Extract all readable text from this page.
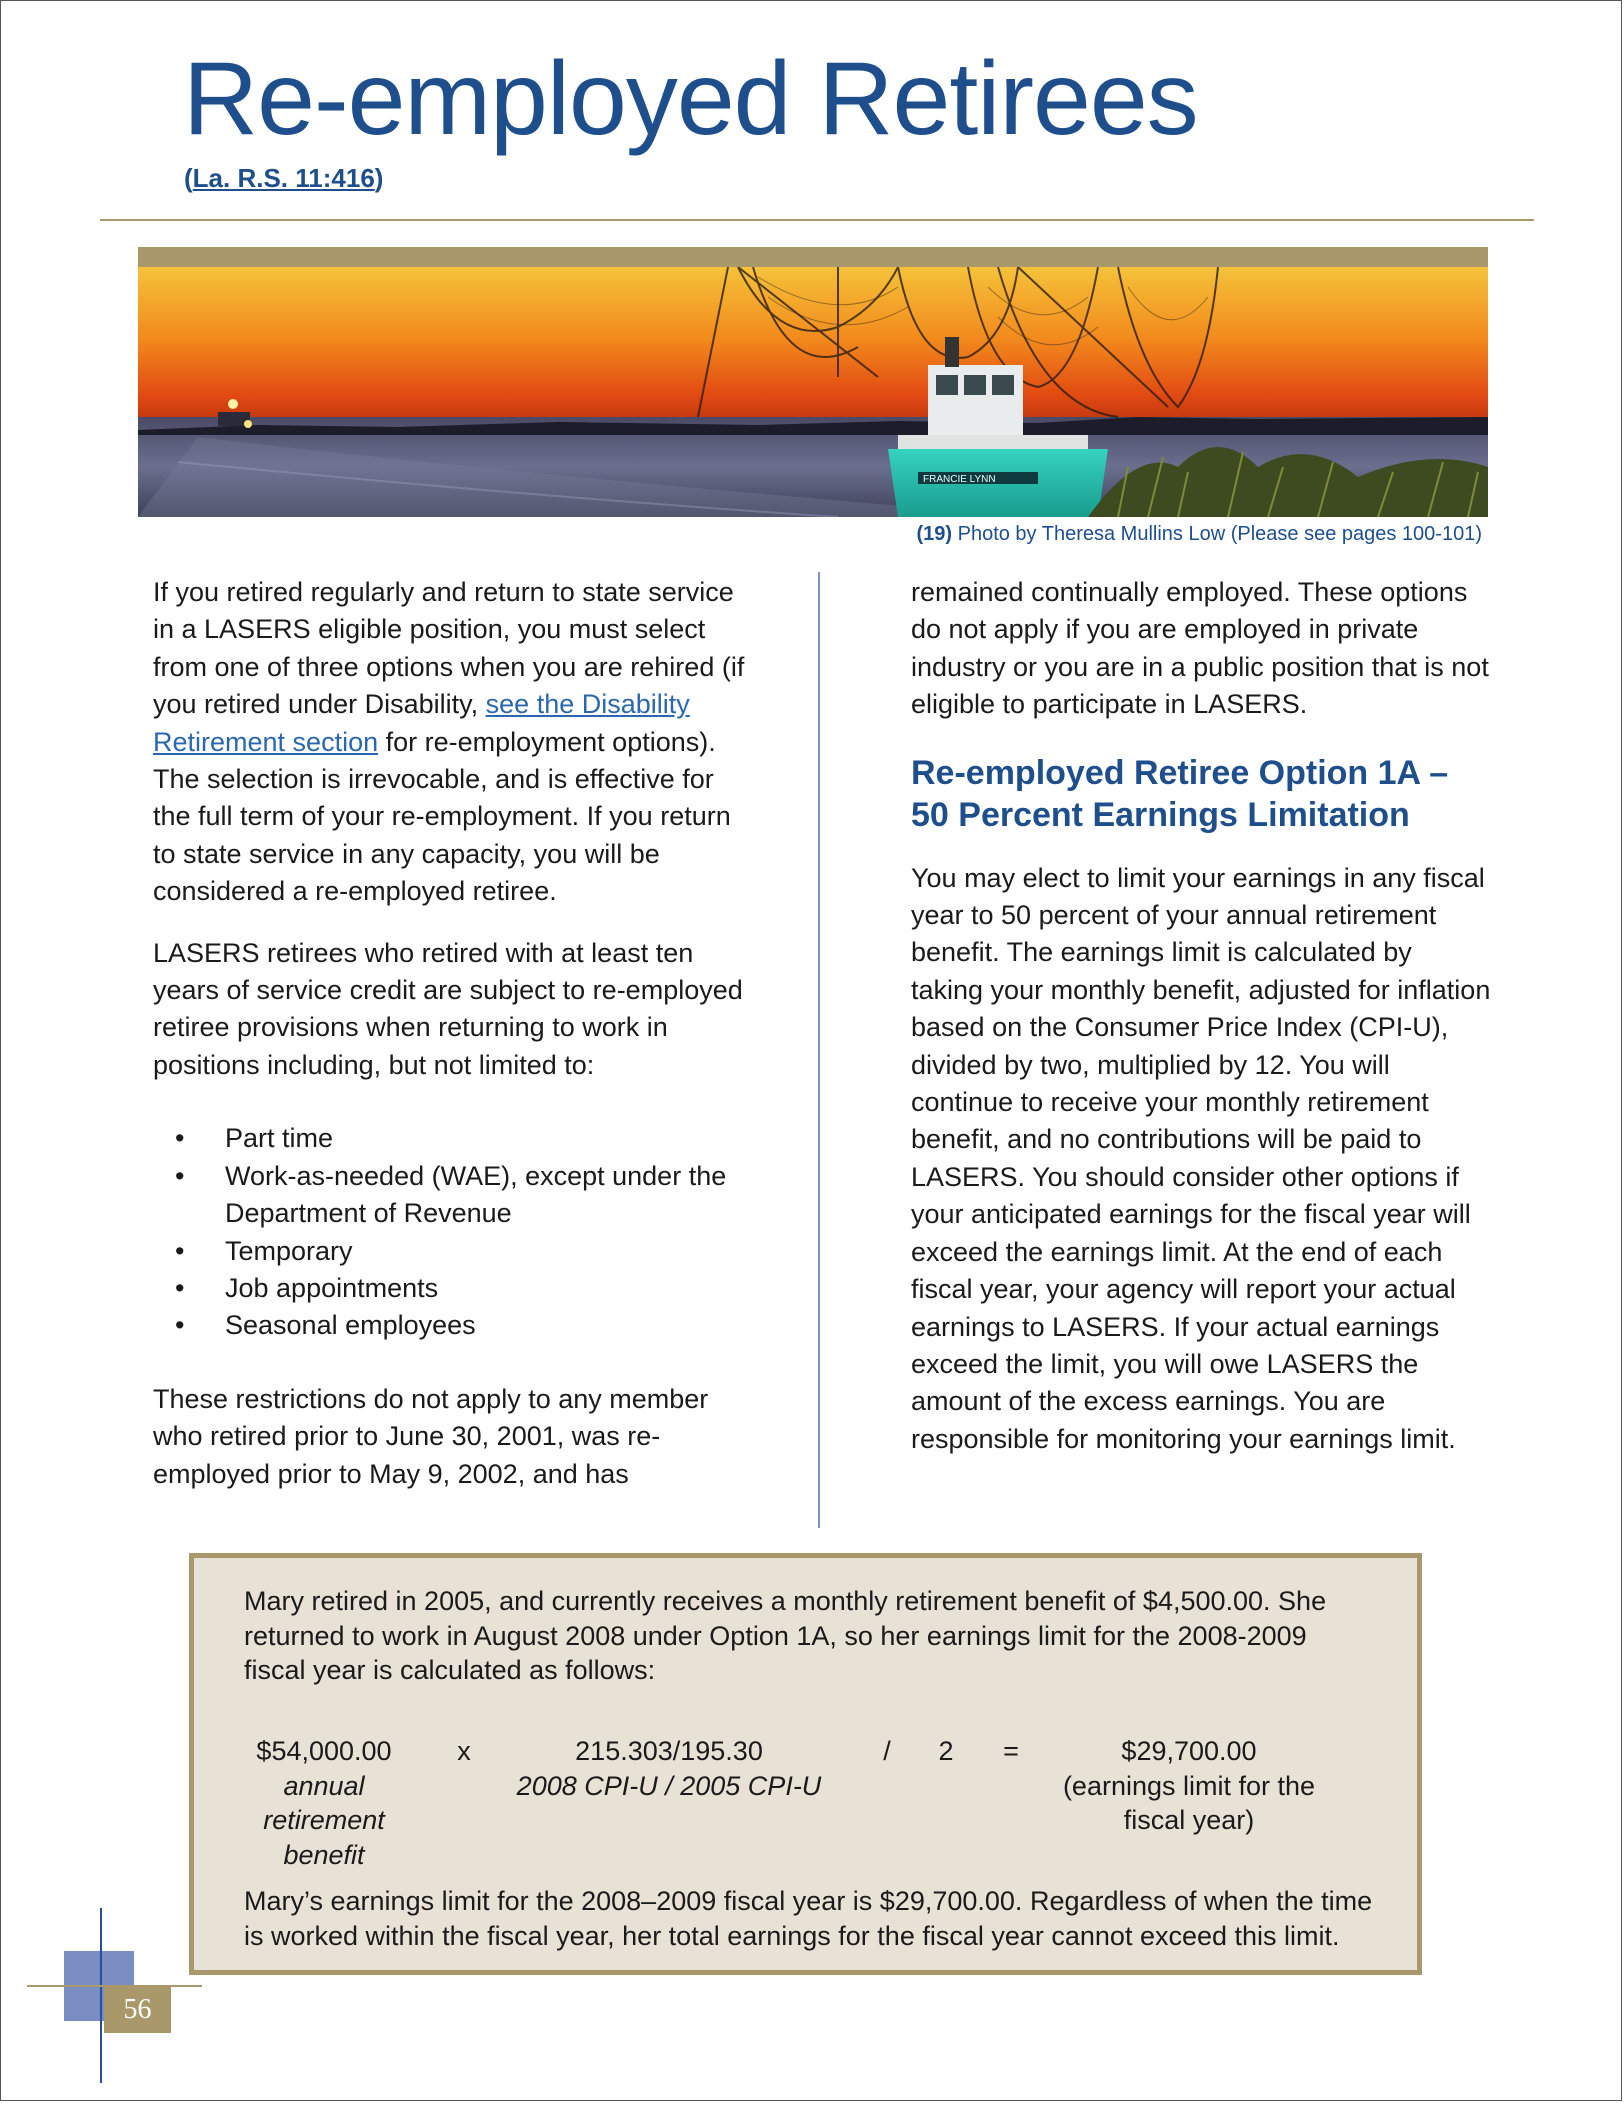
Re-employed Retirees
(La. R.S. 11:416)
FRANCIE LYNN
(19) Photo by Theresa Mullins Low (Please see pages 100-101)

If you retired regularly and return to state service in a LASERS eligible position, you must select from one of three options when you are rehired (if you retired under Disability, see the Disability Retirement section for re-employment options). The selection is irrevocable, and is effective for the full term of your re-employment. If you return to state service in any capacity, you will be considered a re-employed retiree.

LASERS retirees who retired with at least ten years of service credit are subject to re-employed retiree provisions when returning to work in positions including, but not limited to:

• Part time
• Work-as-needed (WAE), except under the Department of Revenue
• Temporary
• Job appointments
• Seasonal employees

These restrictions do not apply to any member who retired prior to June 30, 2001, was re-employed prior to May 9, 2002, and has

remained continually employed. These options do not apply if you are employed in private industry or you are in a public position that is not eligible to participate in LASERS.

Re-employed Retiree Option 1A – 50 Percent Earnings Limitation

You may elect to limit your earnings in any fiscal year to 50 percent of your annual retirement benefit. The earnings limit is calculated by taking your monthly benefit, adjusted for inflation based on the Consumer Price Index (CPI-U), divided by two, multiplied by 12. You will continue to receive your monthly retirement benefit, and no contributions will be paid to LASERS. You should consider other options if your anticipated earnings for the fiscal year will exceed the earnings limit. At the end of each fiscal year, your agency will report your actual earnings to LASERS. If your actual earnings exceed the limit, you will owe LASERS the amount of the excess earnings. You are responsible for monitoring your earnings limit.

Mary retired in 2005, and currently receives a monthly retirement benefit of $4,500.00. She returned to work in August 2008 under Option 1A, so her earnings limit for the 2008-2009 fiscal year is calculated as follows:

$54,000.00
annual retirement benefit
x	215.303/195.30
2008 CPI-U / 2005 CPI-U
/ 2 =	$29,700.00
(earnings limit for the fiscal year)

Mary’s earnings limit for the 2008–2009 fiscal year is $29,700.00. Regardless of when the time is worked within the fiscal year, her total earnings for the fiscal year cannot exceed this limit.

56
